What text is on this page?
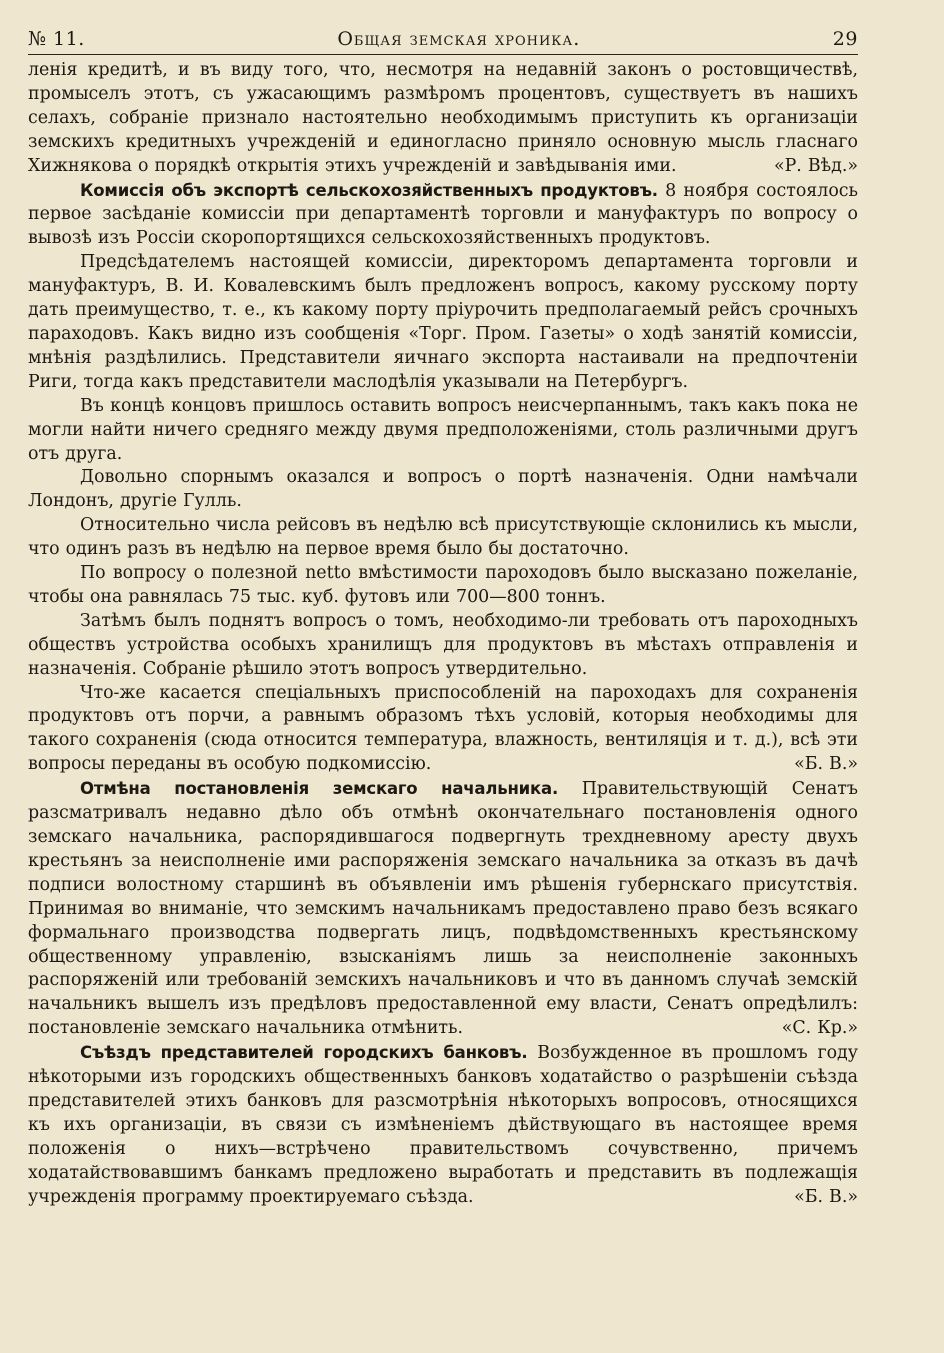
№ 11.	Общая земская хроника.	29

ленія кредитѣ, и въ виду того, что, несмотря на недавній законъ о ростовщичествѣ, промыселъ этотъ, съ ужасающимъ размѣромъ процентовъ, существуетъ въ нашихъ селахъ, собраніе признало настоятельно необходимымъ приступить къ организаціи земскихъ кредитныхъ учрежденій и единогласно приняло основную мысль гласнаго Хижнякова о порядкѣ открытія этихъ учрежденій и завѣдыванія ими.	«Р. Вѣд.»

Комиссія объ экспортѣ сельскохозяйственныхъ продуктовъ. 8 ноября состоялось первое засѣданіе комиссіи при департаментѣ торговли и мануфактуръ по вопросу о вывозѣ изъ Россіи скоропортящихся сельскохозяйственныхъ продуктовъ.

Предсѣдателемъ настоящей комиссіи, директоромъ департамента торговли и мануфактуръ, В. И. Ковалевскимъ былъ предложенъ вопросъ, какому русскому порту дать преимущество, т. е., къ какому порту пріурочить предполагаемый рейсъ срочныхъ параходовъ. Какъ видно изъ сообщенія «Торг. Пром. Газеты» о ходѣ занятій комиссіи, мнѣнія раздѣлились. Представители яичнаго экспорта настаивали на предпочтеніи Риги, тогда какъ представители маслодѣлія указывали на Петербургъ.

Въ концѣ концовъ пришлось оставить вопросъ неисчерпаннымъ, такъ какъ пока не могли найти ничего средняго между двумя предположеніями, столь различными другъ отъ друга.

Довольно спорнымъ оказался и вопросъ о портѣ назначенія. Одни намѣчали Лондонъ, другіе Гулль.

Относительно числа рейсовъ въ недѣлю всѣ присутствующіе склонились къ мысли, что одинъ разъ въ недѣлю на первое время было бы достаточно.

По вопросу о полезной netto вмѣстимости пароходовъ было высказано пожеланіе, чтобы она равнялась 75 тыс. куб. футовъ или 700—800 тоннъ.

Затѣмъ былъ поднятъ вопросъ о томъ, необходимо-ли требовать отъ пароходныхъ обществъ устройства особыхъ хранилищъ для продуктовъ въ мѣстахъ отправленія и назначенія. Собраніе рѣшило этотъ вопросъ утвердительно.

Что-же касается спеціальныхъ приспособленій на пароходахъ для сохраненія продуктовъ отъ порчи, а равнымъ образомъ тѣхъ условій, которыя необходимы для такого сохраненія (сюда относится температура, влажность, вентиляція и т. д.), всѣ эти вопросы переданы въ особую подкомиссію.	«Б. В.»

Отмѣна постановленія земскаго начальника. Правительствующій Сенатъ разсматривалъ недавно дѣло объ отмѣнѣ окончательнаго постановленія одного земскаго начальника, распорядившагося подвергнуть трехдневному аресту двухъ крестьянъ за неисполненіе ими распоряженія земскаго начальника за отказъ въ дачѣ подписи волостному старшинѣ въ объявленіи имъ рѣшенія губернскаго присутствія. Принимая во вниманіе, что земскимъ начальникамъ предоставлено право безъ всякаго формальнаго производства подвергать лицъ, подвѣдомственныхъ крестьянскому общественному управленію, взысканіямъ лишь за неисполненіе законныхъ распоряженій или требованій земскихъ начальниковъ и что въ данномъ случаѣ земскій начальникъ вышелъ изъ предѣловъ предоставленной ему власти, Сенатъ опредѣлилъ: постановленіе земскаго начальника отмѣнить.	«С. Кр.»

Съѣздъ представителей городскихъ банковъ. Возбужденное въ прошломъ году нѣкоторыми изъ городскихъ общественныхъ банковъ ходатайство о разрѣшеніи съѣзда представителей этихъ банковъ для разсмотрѣнія нѣкоторыхъ вопросовъ, относящихся къ ихъ организаціи, въ связи съ измѣненіемъ дѣйствующаго въ настоящее время положенія о нихъ—встрѣчено правительствомъ сочувственно, причемъ ходатайствовавшимъ банкамъ предложено выработать и представить въ подлежащія учрежденія программу проектируемаго съѣзда.	«Б. В.»
